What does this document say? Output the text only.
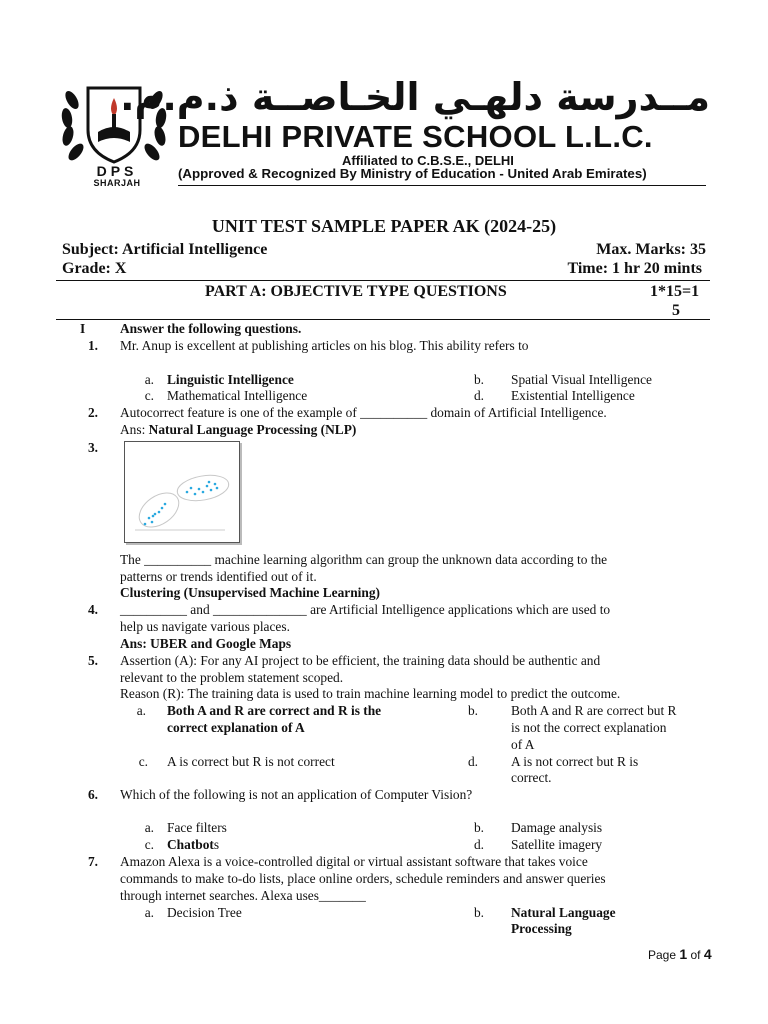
DPS
SHARJAH
مــدرسة دلهـي الخـاصــة ذ.م.م.
DELHI PRIVATE SCHOOL L.L.C.
Affiliated to C.B.S.E., DELHI
(Approved & Recognized By Ministry of Education - United Arab Emirates)
UNIT TEST SAMPLE PAPER AK (2024-25)
Subject: Artificial Intelligence	Max. Marks: 35
Grade: X	Time: 1 hr 20 mints
PART A: OBJECTIVE TYPE QUESTIONS	1*15=1
5
I	Answer the following questions.
1. Mr. Anup is excellent at publishing articles on his blog. This ability refers to
a. Linguistic Intelligence	b. Spatial Visual Intelligence
c. Mathematical Intelligence	d. Existential Intelligence
2. Autocorrect feature is one of the example of __________ domain of Artificial Intelligence.
Ans: Natural Language Processing (NLP)
3.
The __________ machine learning algorithm can group the unknown data according to the
patterns or trends identified out of it.
Clustering (Unsupervised Machine Learning)
4. __________ and ______________ are Artificial Intelligence applications which are used to
help us navigate various places.
Ans: UBER and Google Maps
5. Assertion (A): For any AI project to be efficient, the training data should be authentic and
relevant to the problem statement scoped.
Reason (R): The training data is used to train machine learning model to predict the outcome.
a. Both A and R are correct and R is the
correct explanation of A
b. Both A and R are correct but R
is not the correct explanation
of A
c. A is correct but R is not correct	d. A is not correct but R is
correct.
6. Which of the following is not an application of Computer Vision?
a. Face filters	b. Damage analysis
c. Chatbots	d. Satellite imagery
7. Amazon Alexa is a voice-controlled digital or virtual assistant software that takes voice
commands to make to-do lists, place online orders, schedule reminders and answer queries
through internet searches. Alexa uses_______
a. Decision Tree	b. Natural Language
Processing
Page 1 of 4
